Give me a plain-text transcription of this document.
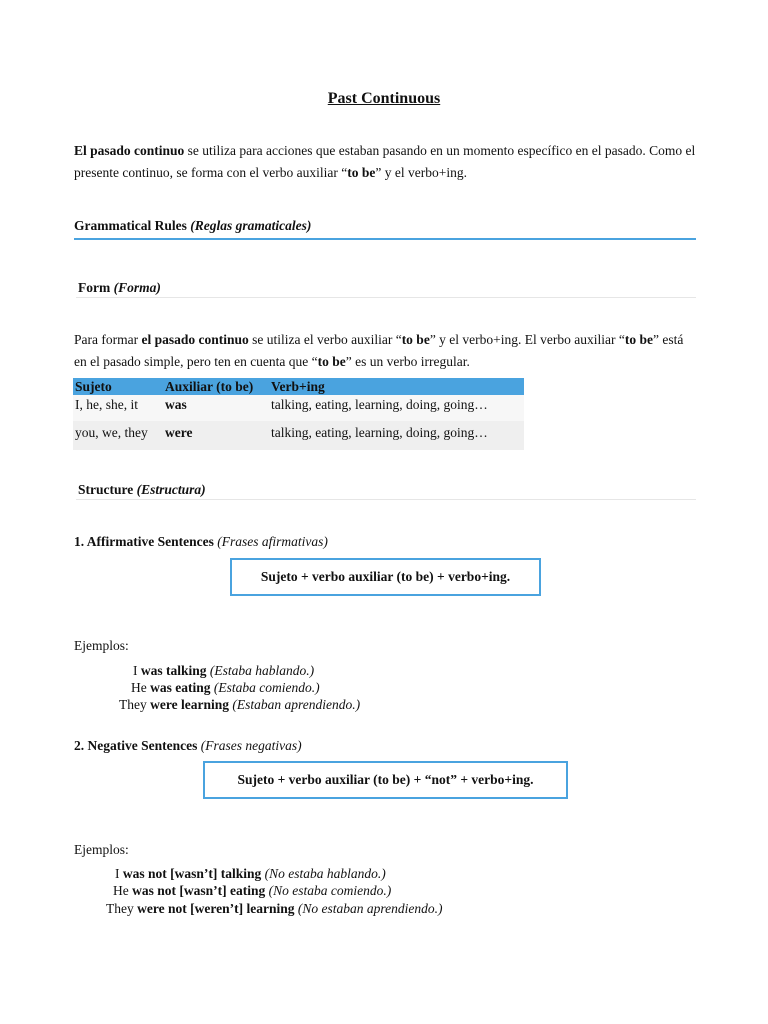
Past Continuous
El pasado continuo se utiliza para acciones que estaban pasando en un momento específico en el pasado. Como el presente continuo, se forma con el verbo auxiliar “to be” y el verbo+ing.
Grammatical Rules (Reglas gramaticales)
Form (Forma)
Para formar el pasado continuo se utiliza el verbo auxiliar “to be” y el verbo+ing. El verbo auxiliar “to be” está en el pasado simple, pero ten en cuenta que “to be” es un verbo irregular.
Sujeto	Auxiliar (to be)	Verb+ing
I, he, she, it	was	talking, eating, learning, doing, going…
you, we, they	were	talking, eating, learning, doing, going…
Structure (Estructura)
1. Affirmative Sentences (Frases afirmativas)
Sujeto + verbo auxiliar (to be) + verbo+ing.
Ejemplos:
I was talking (Estaba hablando.)
He was eating (Estaba comiendo.)
They were learning (Estaban aprendiendo.)
2. Negative Sentences (Frases negativas)
Sujeto + verbo auxiliar (to be) + “not” + verbo+ing.
Ejemplos:
I was not [wasn’t] talking (No estaba hablando.)
He was not [wasn’t] eating (No estaba comiendo.)
They were not [weren’t] learning (No estaban aprendiendo.)
